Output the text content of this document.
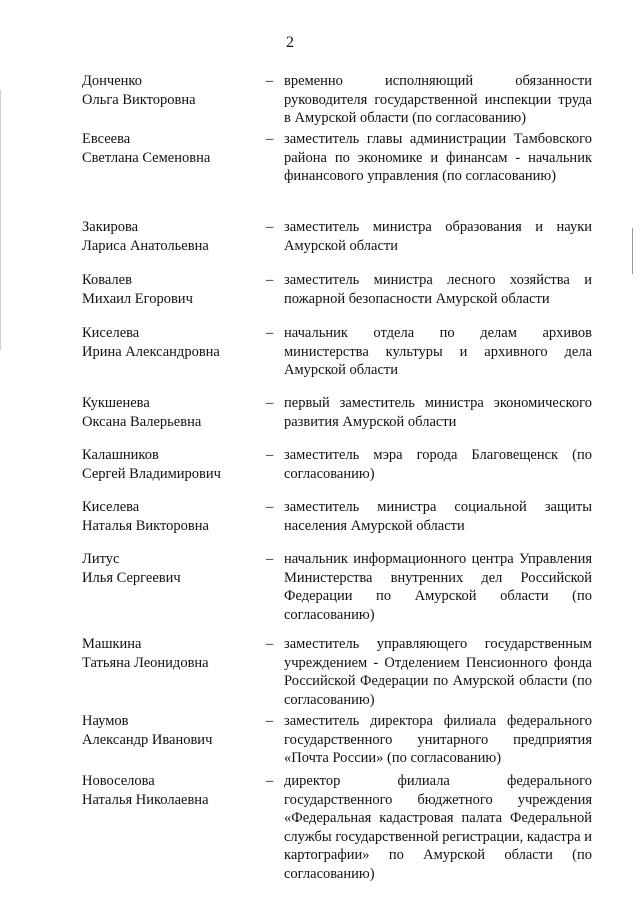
2
Донченко
Ольга Викторовна
– временно исполняющий обязанности руководителя государственной инспекции труда в Амурской области (по согласованию)
Евсеева
Светлана Семеновна
– заместитель главы администрации Тамбовского района по экономике и финансам - начальник финансового управления (по согласованию)
Закирова
Лариса Анатольевна
– заместитель министра образования и науки Амурской области
Ковалев
Михаил Егорович
– заместитель министра лесного хозяйства и пожарной безопасности Амурской области
Киселева
Ирина Александровна
– начальник отдела по делам архивов министерства культуры и архивного дела Амурской области
Кукшенева
Оксана Валерьевна
– первый заместитель министра экономического развития Амурской области
Калашников
Сергей Владимирович
– заместитель мэра города Благовещенск (по согласованию)
Киселева
Наталья Викторовна
– заместитель министра социальной защиты населения Амурской области
Литус
Илья Сергеевич
– начальник информационного центра Управления Министерства внутренних дел Российской Федерации по Амурской области (по согласованию)
Машкина
Татьяна Леонидовна
– заместитель управляющего государственным учреждением - Отделением Пенсионного фонда Российской Федерации по Амурской области (по согласованию)
Наумов
Александр Иванович
– заместитель директора филиала федерального государственного унитарного предприятия «Почта России» (по согласованию)
Новоселова
Наталья Николаевна
– директор филиала федерального государственного бюджетного учреждения «Федеральная кадастровая палата Федеральной службы государственной регистрации, кадастра и картографии» по Амурской области (по согласованию)
